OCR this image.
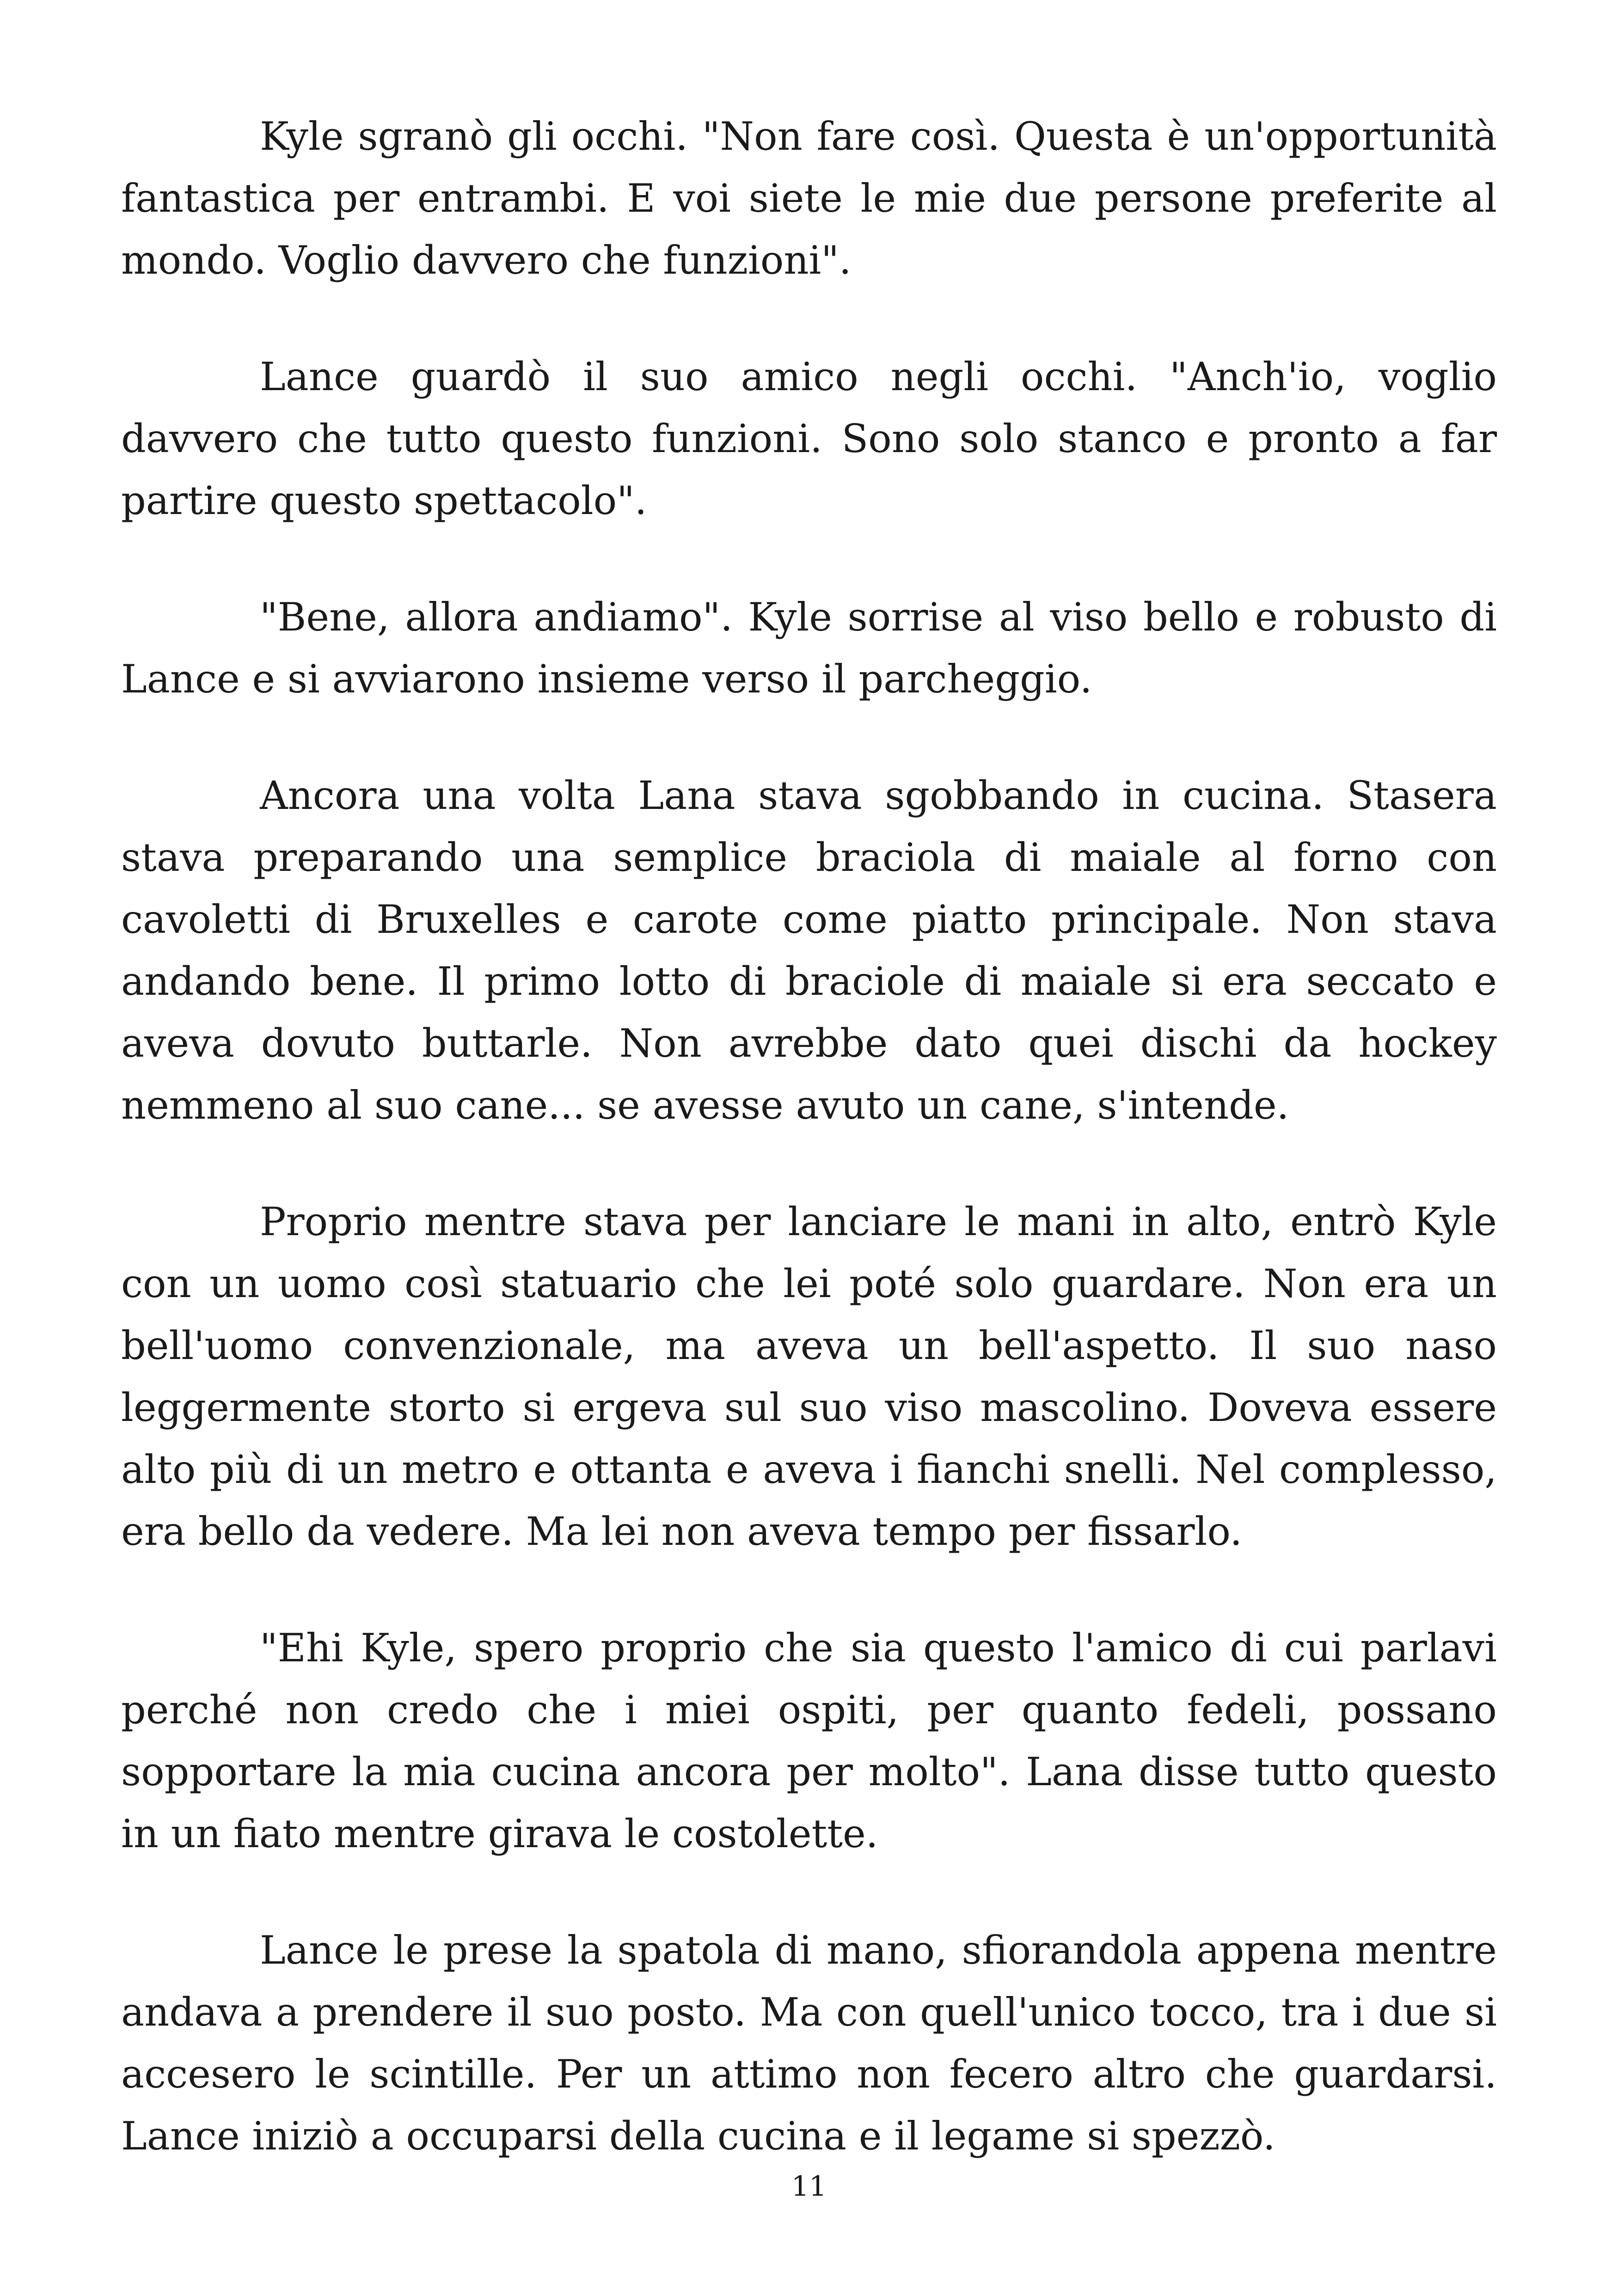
Kyle sgranò gli occhi. "Non fare così. Questa è un'opportunità fantastica per entrambi. E voi siete le mie due persone preferite al mondo. Voglio davvero che funzioni".

Lance guardò il suo amico negli occhi. "Anch'io, voglio davvero che tutto questo funzioni. Sono solo stanco e pronto a far partire questo spettacolo".

"Bene, allora andiamo". Kyle sorrise al viso bello e robusto di Lance e si avviarono insieme verso il parcheggio.

Ancora una volta Lana stava sgobbando in cucina. Stasera stava preparando una semplice braciola di maiale al forno con cavoletti di Bruxelles e carote come piatto principale. Non stava andando bene. Il primo lotto di braciole di maiale si era seccato e aveva dovuto buttarle. Non avrebbe dato quei dischi da hockey nemmeno al suo cane... se avesse avuto un cane, s'intende.

Proprio mentre stava per lanciare le mani in alto, entrò Kyle con un uomo così statuario che lei poté solo guardare. Non era un bell'uomo convenzionale, ma aveva un bell'aspetto. Il suo naso leggermente storto si ergeva sul suo viso mascolino. Doveva essere alto più di un metro e ottanta e aveva i fianchi snelli. Nel complesso, era bello da vedere. Ma lei non aveva tempo per fissarlo.

"Ehi Kyle, spero proprio che sia questo l'amico di cui parlavi perché non credo che i miei ospiti, per quanto fedeli, possano sopportare la mia cucina ancora per molto". Lana disse tutto questo in un fiato mentre girava le costolette.

Lance le prese la spatola di mano, sfiorandola appena mentre andava a prendere il suo posto. Ma con quell'unico tocco, tra i due si accesero le scintille. Per un attimo non fecero altro che guardarsi. Lance iniziò a occuparsi della cucina e il legame si spezzò.

11
